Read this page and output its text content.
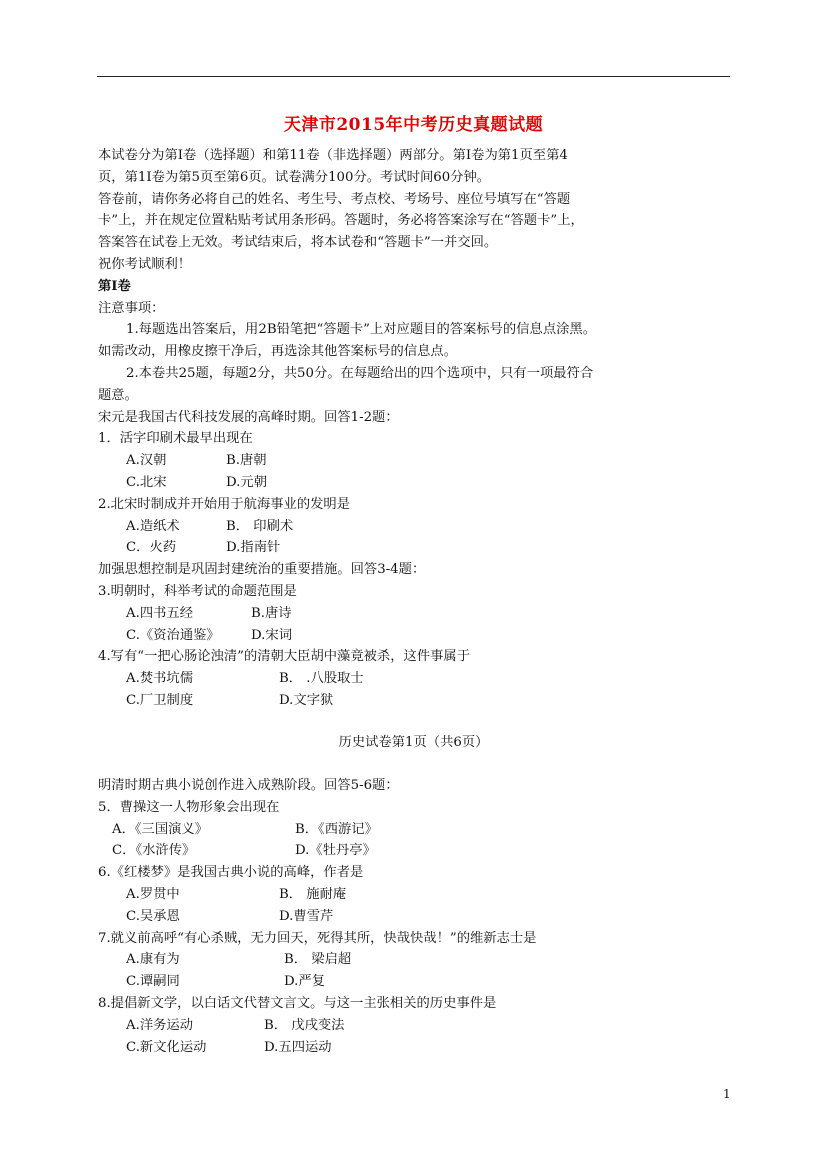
天津市2015年中考历史真题试题
本试卷分为第Ⅰ卷（选择题）和第11卷（非选择题）两部分。第Ⅰ卷为第1页至第4
页，第1I卷为第5页至第6页。试卷满分100分。考试时间60分钟。
答卷前，请你务必将自己的姓名、考生号、考点校、考场号、座位号填写在“答题
卡”上，并在规定位置粘贴考试用条形码。答题时，务必将答案涂写在“答题卡”上，
答案答在试卷上无效。考试结束后，将本试卷和“答题卡”一并交回。
祝你考试顺利！
第Ⅰ卷
注意事项：
1.每题选出答案后，用2B铅笔把“答题卡”上对应题目的答案标号的信息点涂黑。
如需改动，用橡皮擦干净后，再选涂其他答案标号的信息点。
2.本卷共25题，每题2分，共50分。在每题给出的四个选项中，只有一项最符合
题意。
宋元是我国古代科技发展的高峰时期。回答1-2题：
1．活字印刷术最早出现在
A.汉朝	B.唐朝
C.北宋	D.元朝
2.北宋时制成并开始用于航海事业的发明是
A.造纸术	B． 印刷术
C．火药	D.指南针
加强思想控制是巩固封建统治的重要措施。回答3-4题：
3.明朝时，科举考试的命题范围是
A.四书五经	B.唐诗
C.《资治通鉴》 D.宋词
4.写有“一把心肠论浊清”的清朝大臣胡中藻竟被杀，这件事属于
A.焚书坑儒	B． .八股取士
C.厂卫制度	D.文字狱
历史试卷第1页（共6页）
明清时期古典小说创作进入成熟阶段。回答5-6题：
5．曹操这一人物形象会出现在
A．《三国演义》	B．《西游记》
C．《水浒传》	D.《牡丹亭》
6.《红楼梦》是我国古典小说的高峰，作者是
A.罗贯中	B． 施耐庵
C.吴承恩	D.曹雪芹
7.就义前高呼“有心杀贼，无力回天，死得其所，快哉快哉！”的维新志士是
A.康有为	B． 梁启超
C.谭嗣同	D.严复
8.提倡新文学，以白话文代替文言文。与这一主张相关的历史事件是
A.洋务运动	B． 戊戌变法
C.新文化运动	D.五四运动
1
